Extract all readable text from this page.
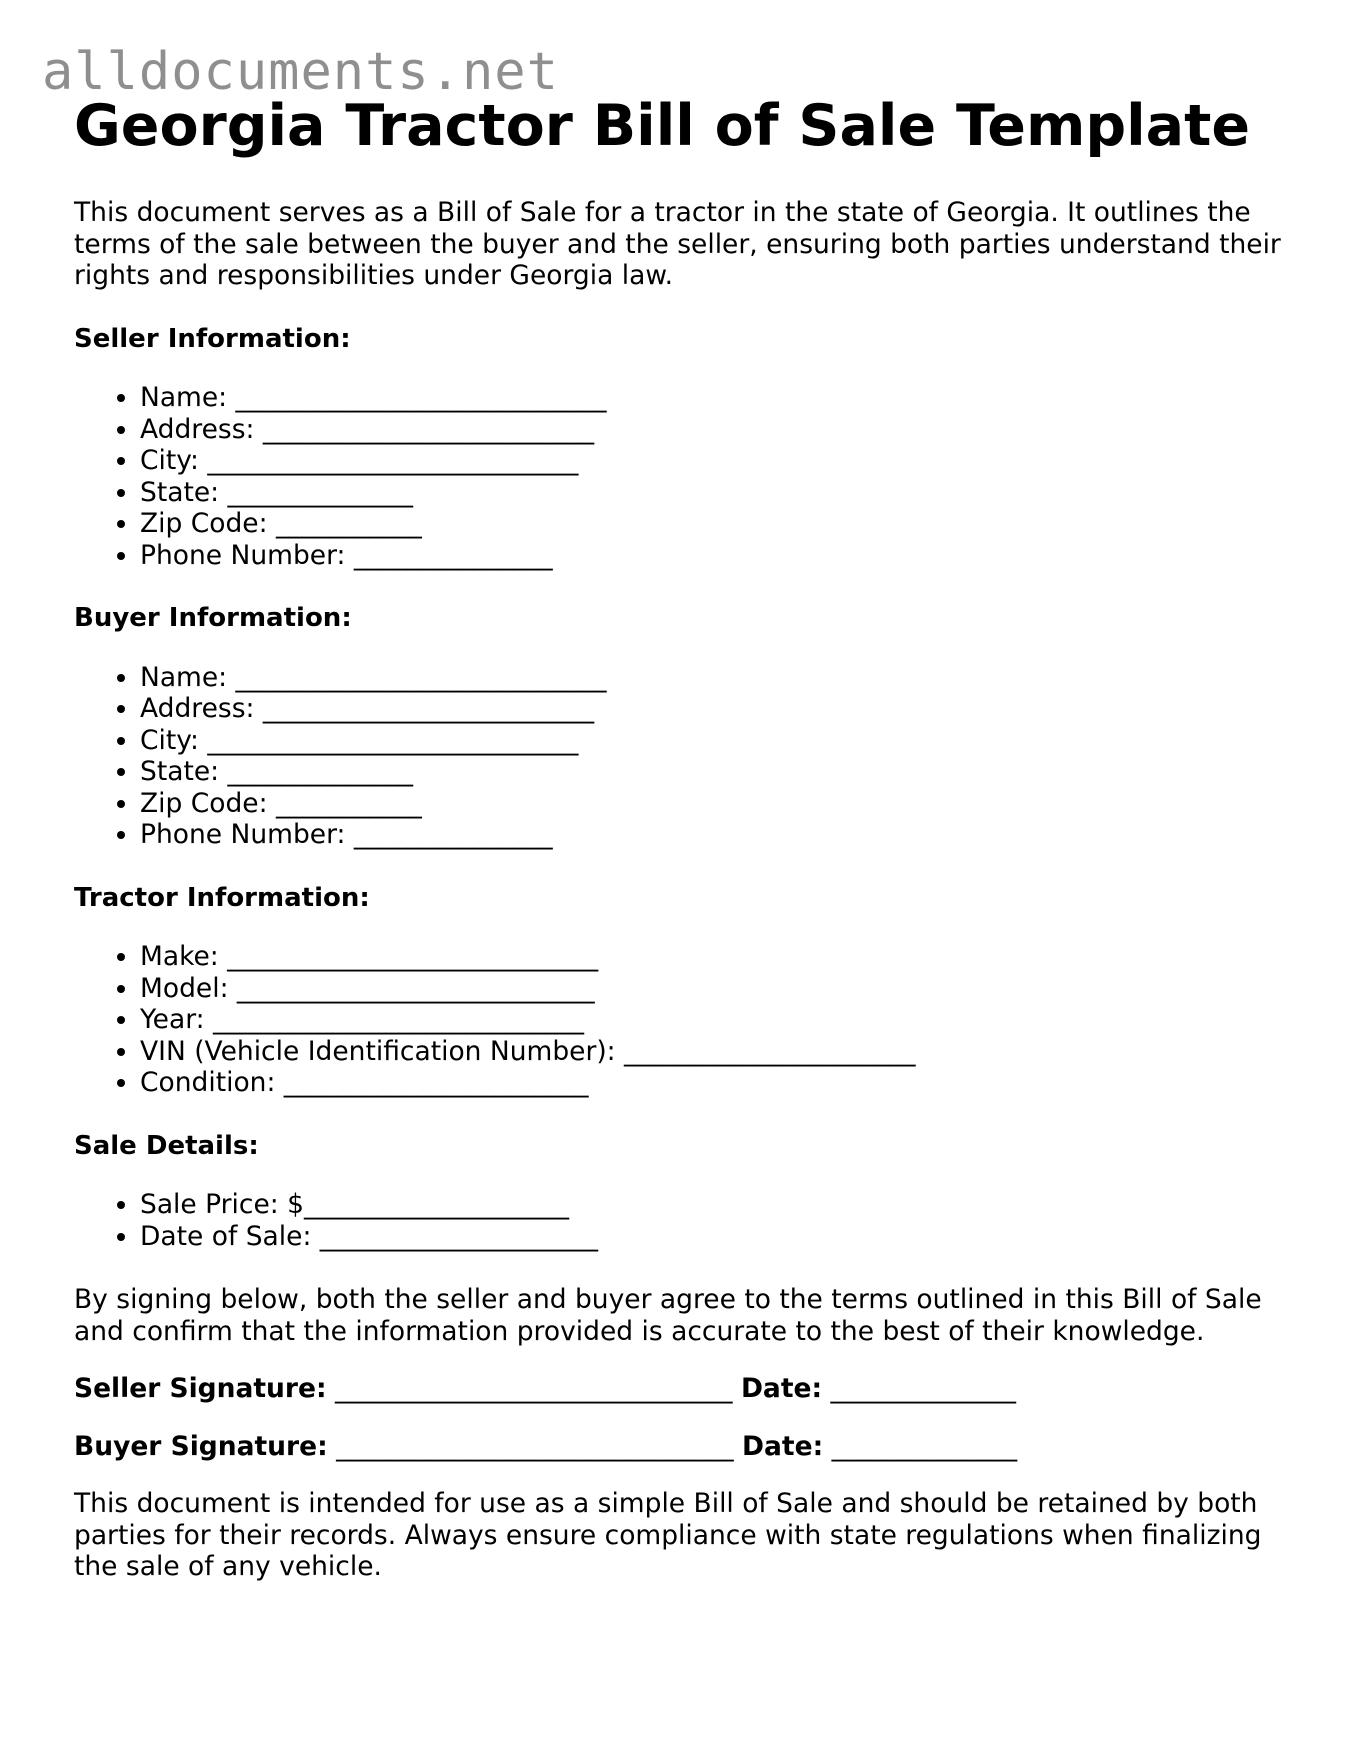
alldocuments.net
Georgia Tractor Bill of Sale Template

This document serves as a Bill of Sale for a tractor in the state of Georgia. It outlines the terms of the sale between the buyer and the seller, ensuring both parties understand their rights and responsibilities under Georgia law.

Seller Information:
• Name: ____________________________
• Address: _________________________
• City: ____________________________
• State: ______________
• Zip Code: ___________
• Phone Number: _______________
Buyer Information:
• Name: ____________________________
• Address: _________________________
• City: ____________________________
• State: ______________
• Zip Code: ___________
• Phone Number: _______________
Tractor Information:
• Make: ____________________________
• Model: ___________________________
• Year: ____________________________
• VIN (Vehicle Identification Number): ______________________
• Condition: _______________________
Sale Details:
• Sale Price: $____________________
• Date of Sale: _____________________

By signing below, both the seller and buyer agree to the terms outlined in this Bill of Sale and confirm that the information provided is accurate to the best of their knowledge.

Seller Signature: ______________________________ Date: ______________
Buyer Signature: ______________________________ Date: ______________

This document is intended for use as a simple Bill of Sale and should be retained by both parties for their records. Always ensure compliance with state regulations when finalizing the sale of any vehicle.
